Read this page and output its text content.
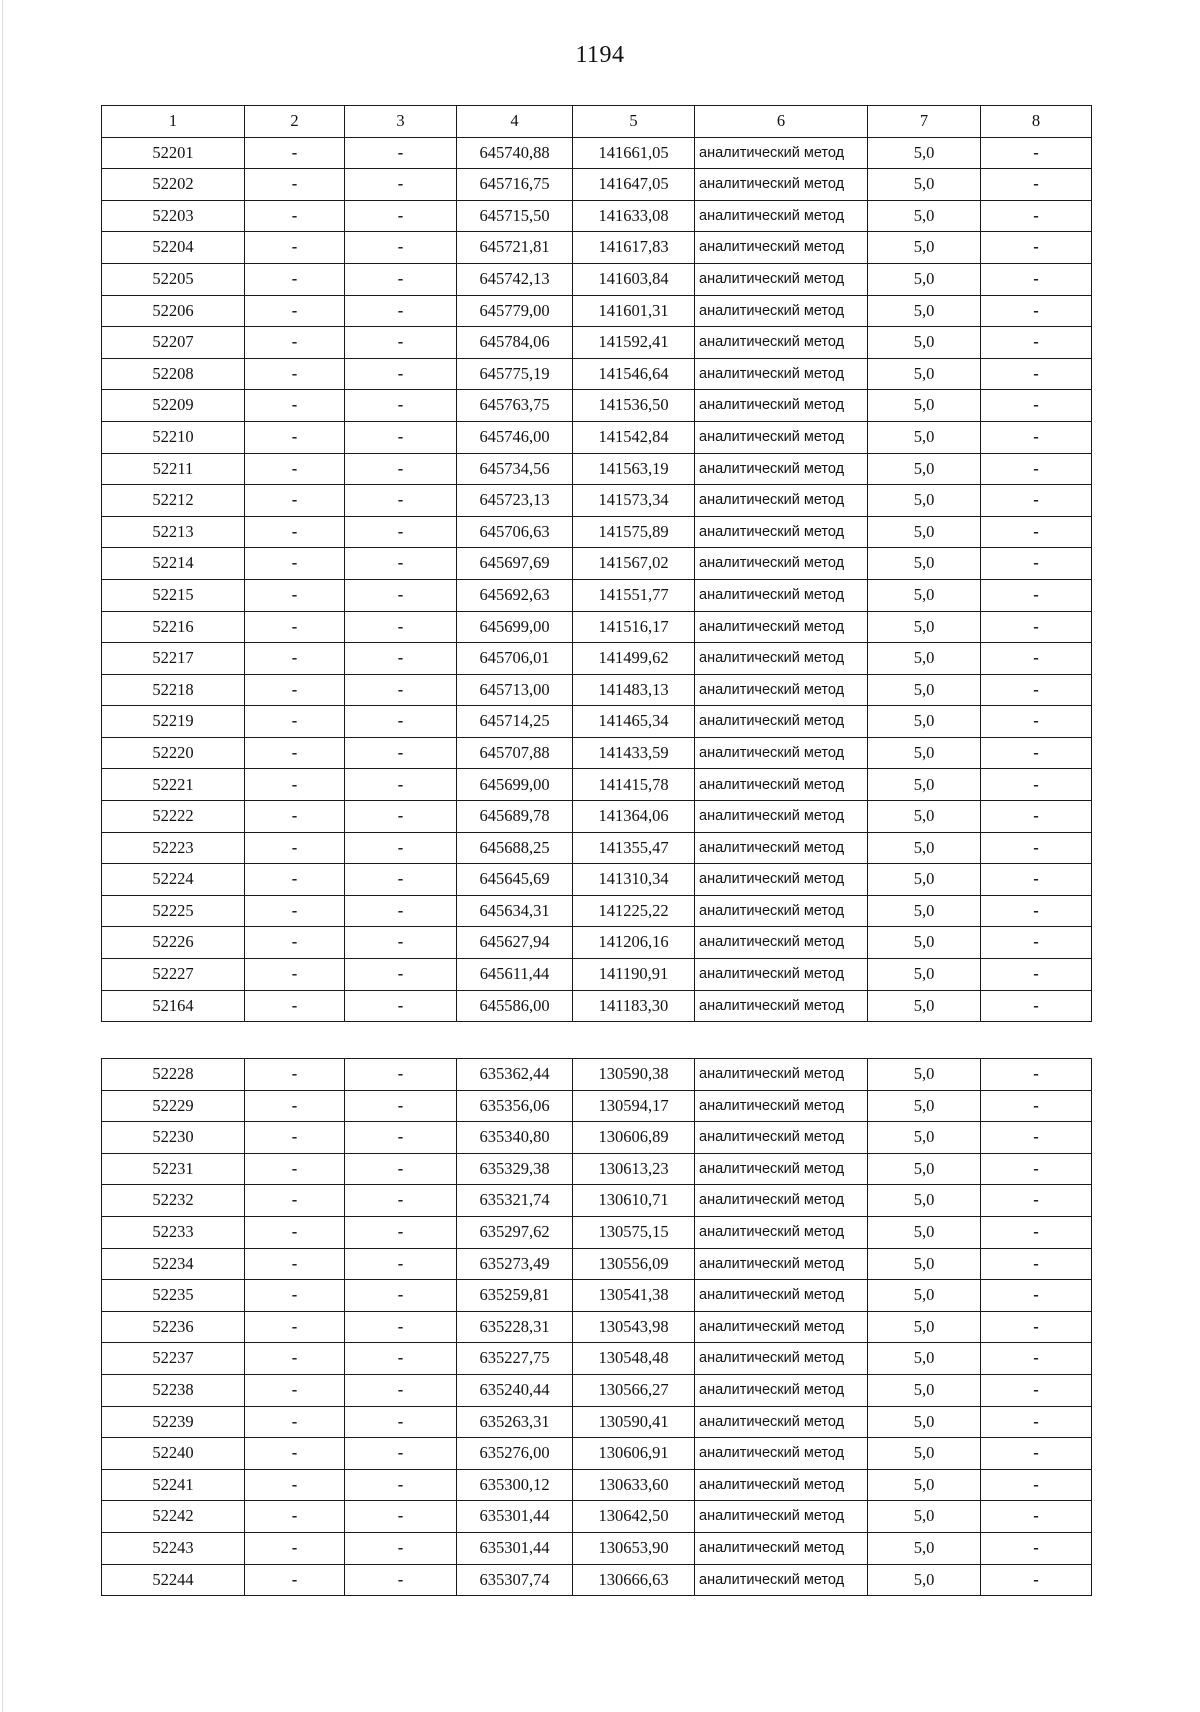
1194
1	2	3	4	5	6	7	8
52201	-	-	645740,88	141661,05	аналитический метод	5,0	-
52202	-	-	645716,75	141647,05	аналитический метод	5,0	-
52203	-	-	645715,50	141633,08	аналитический метод	5,0	-
52204	-	-	645721,81	141617,83	аналитический метод	5,0	-
52205	-	-	645742,13	141603,84	аналитический метод	5,0	-
52206	-	-	645779,00	141601,31	аналитический метод	5,0	-
52207	-	-	645784,06	141592,41	аналитический метод	5,0	-
52208	-	-	645775,19	141546,64	аналитический метод	5,0	-
52209	-	-	645763,75	141536,50	аналитический метод	5,0	-
52210	-	-	645746,00	141542,84	аналитический метод	5,0	-
52211	-	-	645734,56	141563,19	аналитический метод	5,0	-
52212	-	-	645723,13	141573,34	аналитический метод	5,0	-
52213	-	-	645706,63	141575,89	аналитический метод	5,0	-
52214	-	-	645697,69	141567,02	аналитический метод	5,0	-
52215	-	-	645692,63	141551,77	аналитический метод	5,0	-
52216	-	-	645699,00	141516,17	аналитический метод	5,0	-
52217	-	-	645706,01	141499,62	аналитический метод	5,0	-
52218	-	-	645713,00	141483,13	аналитический метод	5,0	-
52219	-	-	645714,25	141465,34	аналитический метод	5,0	-
52220	-	-	645707,88	141433,59	аналитический метод	5,0	-
52221	-	-	645699,00	141415,78	аналитический метод	5,0	-
52222	-	-	645689,78	141364,06	аналитический метод	5,0	-
52223	-	-	645688,25	141355,47	аналитический метод	5,0	-
52224	-	-	645645,69	141310,34	аналитический метод	5,0	-
52225	-	-	645634,31	141225,22	аналитический метод	5,0	-
52226	-	-	645627,94	141206,16	аналитический метод	5,0	-
52227	-	-	645611,44	141190,91	аналитический метод	5,0	-
52164	-	-	645586,00	141183,30	аналитический метод	5,0	-
52228	-	-	635362,44	130590,38	аналитический метод	5,0	-
52229	-	-	635356,06	130594,17	аналитический метод	5,0	-
52230	-	-	635340,80	130606,89	аналитический метод	5,0	-
52231	-	-	635329,38	130613,23	аналитический метод	5,0	-
52232	-	-	635321,74	130610,71	аналитический метод	5,0	-
52233	-	-	635297,62	130575,15	аналитический метод	5,0	-
52234	-	-	635273,49	130556,09	аналитический метод	5,0	-
52235	-	-	635259,81	130541,38	аналитический метод	5,0	-
52236	-	-	635228,31	130543,98	аналитический метод	5,0	-
52237	-	-	635227,75	130548,48	аналитический метод	5,0	-
52238	-	-	635240,44	130566,27	аналитический метод	5,0	-
52239	-	-	635263,31	130590,41	аналитический метод	5,0	-
52240	-	-	635276,00	130606,91	аналитический метод	5,0	-
52241	-	-	635300,12	130633,60	аналитический метод	5,0	-
52242	-	-	635301,44	130642,50	аналитический метод	5,0	-
52243	-	-	635301,44	130653,90	аналитический метод	5,0	-
52244	-	-	635307,74	130666,63	аналитический метод	5,0	-
